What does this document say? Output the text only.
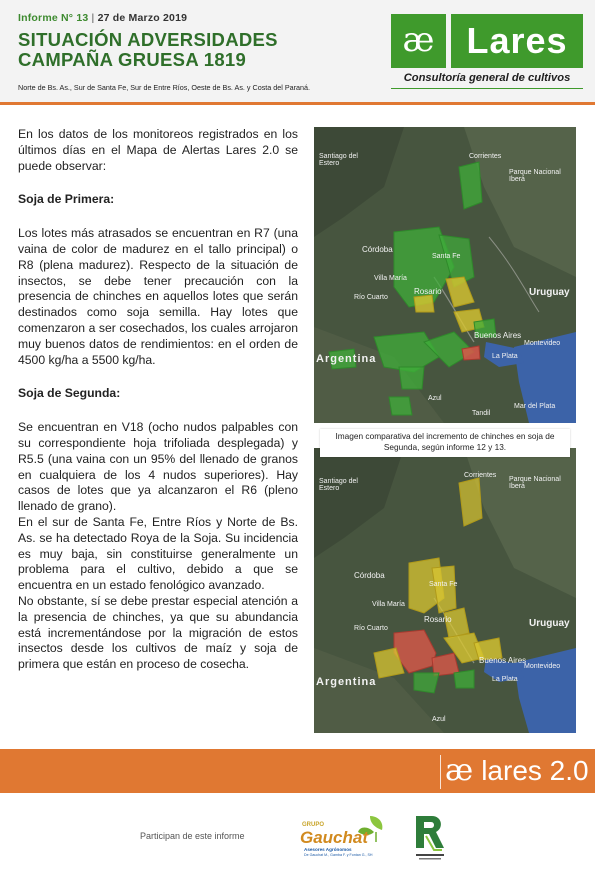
Informe N° 13 | 27 de Marzo 2019
SITUACIÓN ADVERSIDADES
CAMPAÑA GRUESA 1819
Norte de Bs. As., Sur de Santa Fe, Sur de Entre Ríos, Oeste de Bs. As. y Costa del Paraná.
æ Lares
Consultoría general de cultivos

En los datos de los monitoreos registrados en los últimos días en el Mapa de Alertas Lares 2.0 se puede observar:

Soja de Primera:

Los lotes más atrasados se encuentran en R7 (una vaina de color de madurez en el tallo principal) o R8 (plena madurez). Respecto de la situación de insectos, se debe tener precaución con la presencia de chinches en aquellos lotes que serán destinados como soja semilla. Hay lotes que comenzaron a ser cosechados, los cuales arrojaron muy buenos datos de rendimientos: en el orden de 4500 kg/ha a 5500 kg/ha.

Soja de Segunda:

Se encuentran en V18 (ocho nudos palpables con su correspondiente hoja trifoliada desplegada) y R5.5 (una vaina con un 95% del llenado de granos en cualquiera de los 4 nudos superiores). Hay casos de lotes que ya alcanzaron el R6 (pleno llenado de grano).

En el sur de Santa Fe, Entre Ríos y Norte de Bs. As. se ha detectado Roya de la Soja. Su incidencia es muy baja, sin constituirse generalmente un problema para el cultivo, debido a que se encuentra en un estado fenológico avanzado.

No obstante, sí se debe prestar especial atención a la presencia de chinches, ya que su abundancia está incrementándose por la migración de estos insectos desde los cultivos de maíz y soja de primera que están en proceso de cosecha.

Santiago del Estero
Corrientes
Parque Nacional Iberá
Córdoba
Santa Fe
Villa María
Río Cuarto
Rosario	Uruguay
Buenos Aires
Montevideo
La Plata
Argentina
Azul
Tandil
Mar del Plata
Imagen comparativa del incremento de chinches en soja de Segunda, según informe 12 y 13.
Santiago del Estero
Corrientes
Parque Nacional Iberá
Córdoba
Santa Fe
Villa María
Río Cuarto
Rosario	Uruguay
Buenos Aires
Montevideo
La Plata
Argentina
Azul
æ lares 2.0
Participan de este informe
GRUPO
Gauchat
Asesores Agrónomos
De Gauchat M., Gamba F. y Fontan G., SH
